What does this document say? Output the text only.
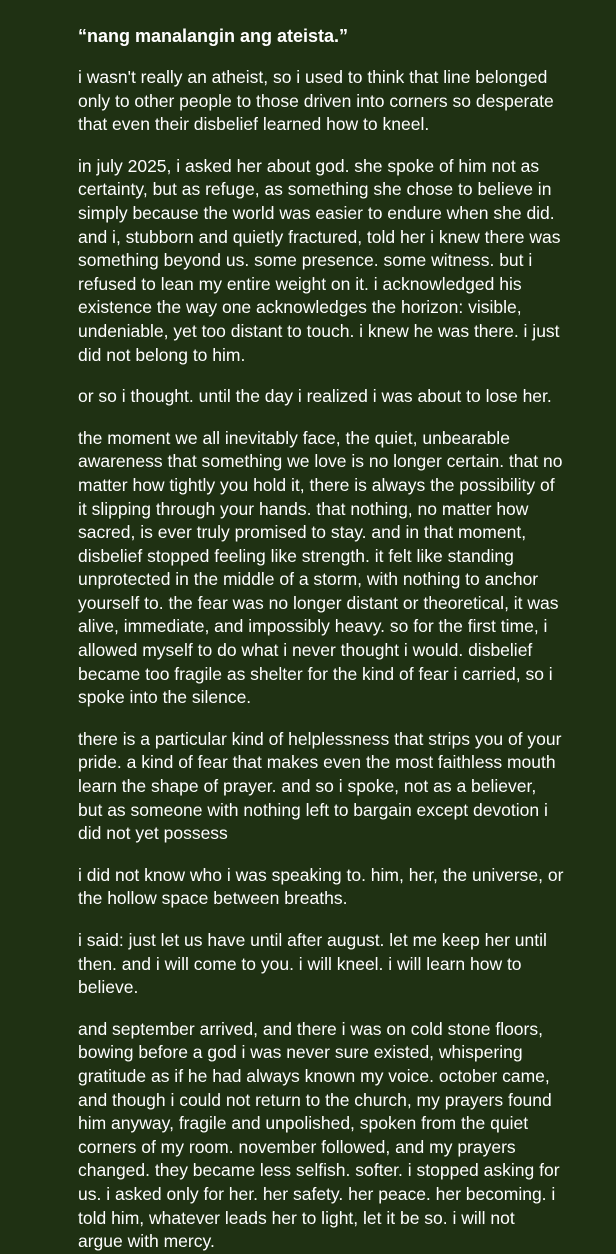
“nang manalangin ang ateista.”
i wasn't really an atheist, so i used to think that line belonged
only to other people to those driven into corners so desperate
that even their disbelief learned how to kneel.
in july 2025, i asked her about god. she spoke of him not as
certainty, but as refuge, as something she chose to believe in
simply because the world was easier to endure when she did.
and i, stubborn and quietly fractured, told her i knew there was
something beyond us. some presence. some witness. but i
refused to lean my entire weight on it. i acknowledged his
existence the way one acknowledges the horizon: visible,
undeniable, yet too distant to touch. i knew he was there. i just
did not belong to him.
or so i thought. until the day i realized i was about to lose her.
the moment we all inevitably face, the quiet, unbearable
awareness that something we love is no longer certain. that no
matter how tightly you hold it, there is always the possibility of
it slipping through your hands. that nothing, no matter how
sacred, is ever truly promised to stay. and in that moment,
disbelief stopped feeling like strength. it felt like standing
unprotected in the middle of a storm, with nothing to anchor
yourself to. the fear was no longer distant or theoretical, it was
alive, immediate, and impossibly heavy. so for the first time, i
allowed myself to do what i never thought i would. disbelief
became too fragile as shelter for the kind of fear i carried, so i
spoke into the silence.
there is a particular kind of helplessness that strips you of your
pride. a kind of fear that makes even the most faithless mouth
learn the shape of prayer. and so i spoke, not as a believer,
but as someone with nothing left to bargain except devotion i
did not yet possess
i did not know who i was speaking to. him, her, the universe, or
the hollow space between breaths.
i said: just let us have until after august. let me keep her until
then. and i will come to you. i will kneel. i will learn how to
believe.
and september arrived, and there i was on cold stone floors,
bowing before a god i was never sure existed, whispering
gratitude as if he had always known my voice. october came,
and though i could not return to the church, my prayers found
him anyway, fragile and unpolished, spoken from the quiet
corners of my room. november followed, and my prayers
changed. they became less selfish. softer. i stopped asking for
us. i asked only for her. her safety. her peace. her becoming. i
told him, whatever leads her to light, let it be so. i will not
argue with mercy.
